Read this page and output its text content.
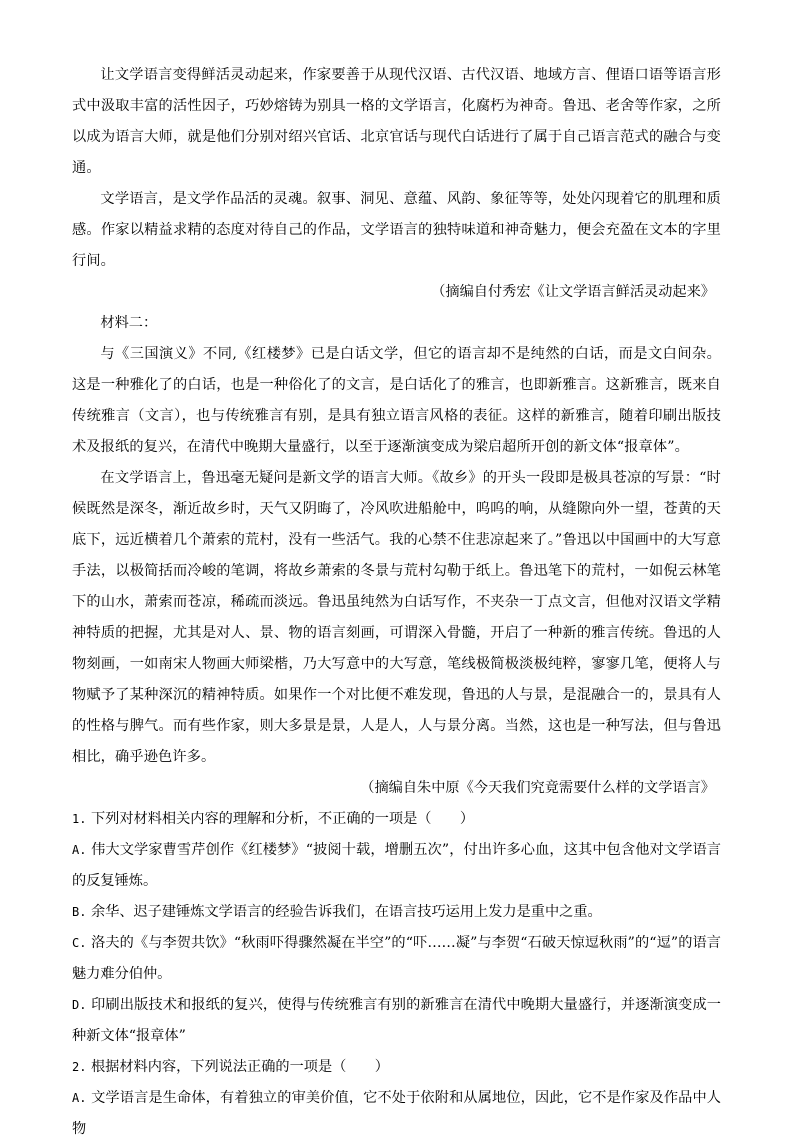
让文学语言变得鲜活灵动起来，作家要善于从现代汉语、古代汉语、地域方言、俚语口语等语言形式中汲取丰富的活性因子，巧妙熔铸为别具一格的文学语言，化腐朽为神奇。鲁迅、老舍等作家，之所以成为语言大师，就是他们分别对绍兴官话、北京官话与现代白话进行了属于自己语言范式的融合与变通。

文学语言，是文学作品活的灵魂。叙事、洞见、意蕴、风韵、象征等等，处处闪现着它的肌理和质感。作家以精益求精的态度对待自己的作品，文学语言的独特味道和神奇魅力，便会充盈在文本的字里行间。

（摘编自付秀宏《让文学语言鲜活灵动起来》

材料二：

与《三国演义》不同,《红楼梦》已是白话文学，但它的语言却不是纯然的白话，而是文白间杂。这是一种雅化了的白话，也是一种俗化了的文言，是白话化了的雅言，也即新雅言。这新雅言，既来自传统雅言（文言），也与传统雅言有别，是具有独立语言风格的表征。这样的新雅言，随着印刷出版技术及报纸的复兴，在清代中晚期大量盛行，以至于逐渐演变成为梁启超所开创的新文体“报章体”。

在文学语言上，鲁迅毫无疑问是新文学的语言大师。《故乡》的开头一段即是极具苍凉的写景：“时候既然是深冬，渐近故乡时，天气又阴晦了，冷风吹进船舱中，呜呜的响，从缝隙向外一望，苍黄的天底下，远近横着几个萧索的荒村，没有一些活气。我的心禁不住悲凉起来了。”鲁迅以中国画中的大写意手法，以极简括而冷峻的笔调，将故乡萧索的冬景与荒村勾勒于纸上。鲁迅笔下的荒村，一如倪云林笔下的山水，萧索而苍凉，稀疏而淡远。鲁迅虽纯然为白话写作，不夹杂一丁点文言，但他对汉语文学精神特质的把握，尤其是对人、景、物的语言刻画，可谓深入骨髓，开启了一种新的雅言传统。鲁迅的人物刻画，一如南宋人物画大师梁楷，乃大写意中的大写意，笔线极简极淡极纯粹，寥寥几笔，便将人与物赋予了某种深沉的精神特质。如果作一个对比便不难发现，鲁迅的人与景，是混融合一的，景具有人的性格与脾气。而有些作家，则大多景是景，人是人，人与景分离。当然，这也是一种写法，但与鲁迅相比，确乎逊色许多。

（摘编自朱中原《今天我们究竟需要什么样的文学语言》

1. 下列对材料相关内容的理解和分析，不正确的一项是（　　）

A. 伟大文学家曹雪芹创作《红楼梦》“披阅十载，增删五次”，付出许多心血，这其中包含他对文学语言的反复锤炼。

B. 余华、迟子建锤炼文学语言的经验告诉我们，在语言技巧运用上发力是重中之重。

C. 洛夫的《与李贺共饮》“秋雨吓得骤然凝在半空”的“吓……凝”与李贺“石破天惊逗秋雨”的“逗”的语言魅力难分伯仲。

D. 印刷出版技术和报纸的复兴，使得与传统雅言有别的新雅言在清代中晚期大量盛行，并逐渐演变成一种新文体“报章体”

2. 根据材料内容，下列说法正确的一项是（　　）

A. 文学语言是生命体，有着独立的审美价值，它不处于依附和从属地位，因此，它不是作家及作品中人物
